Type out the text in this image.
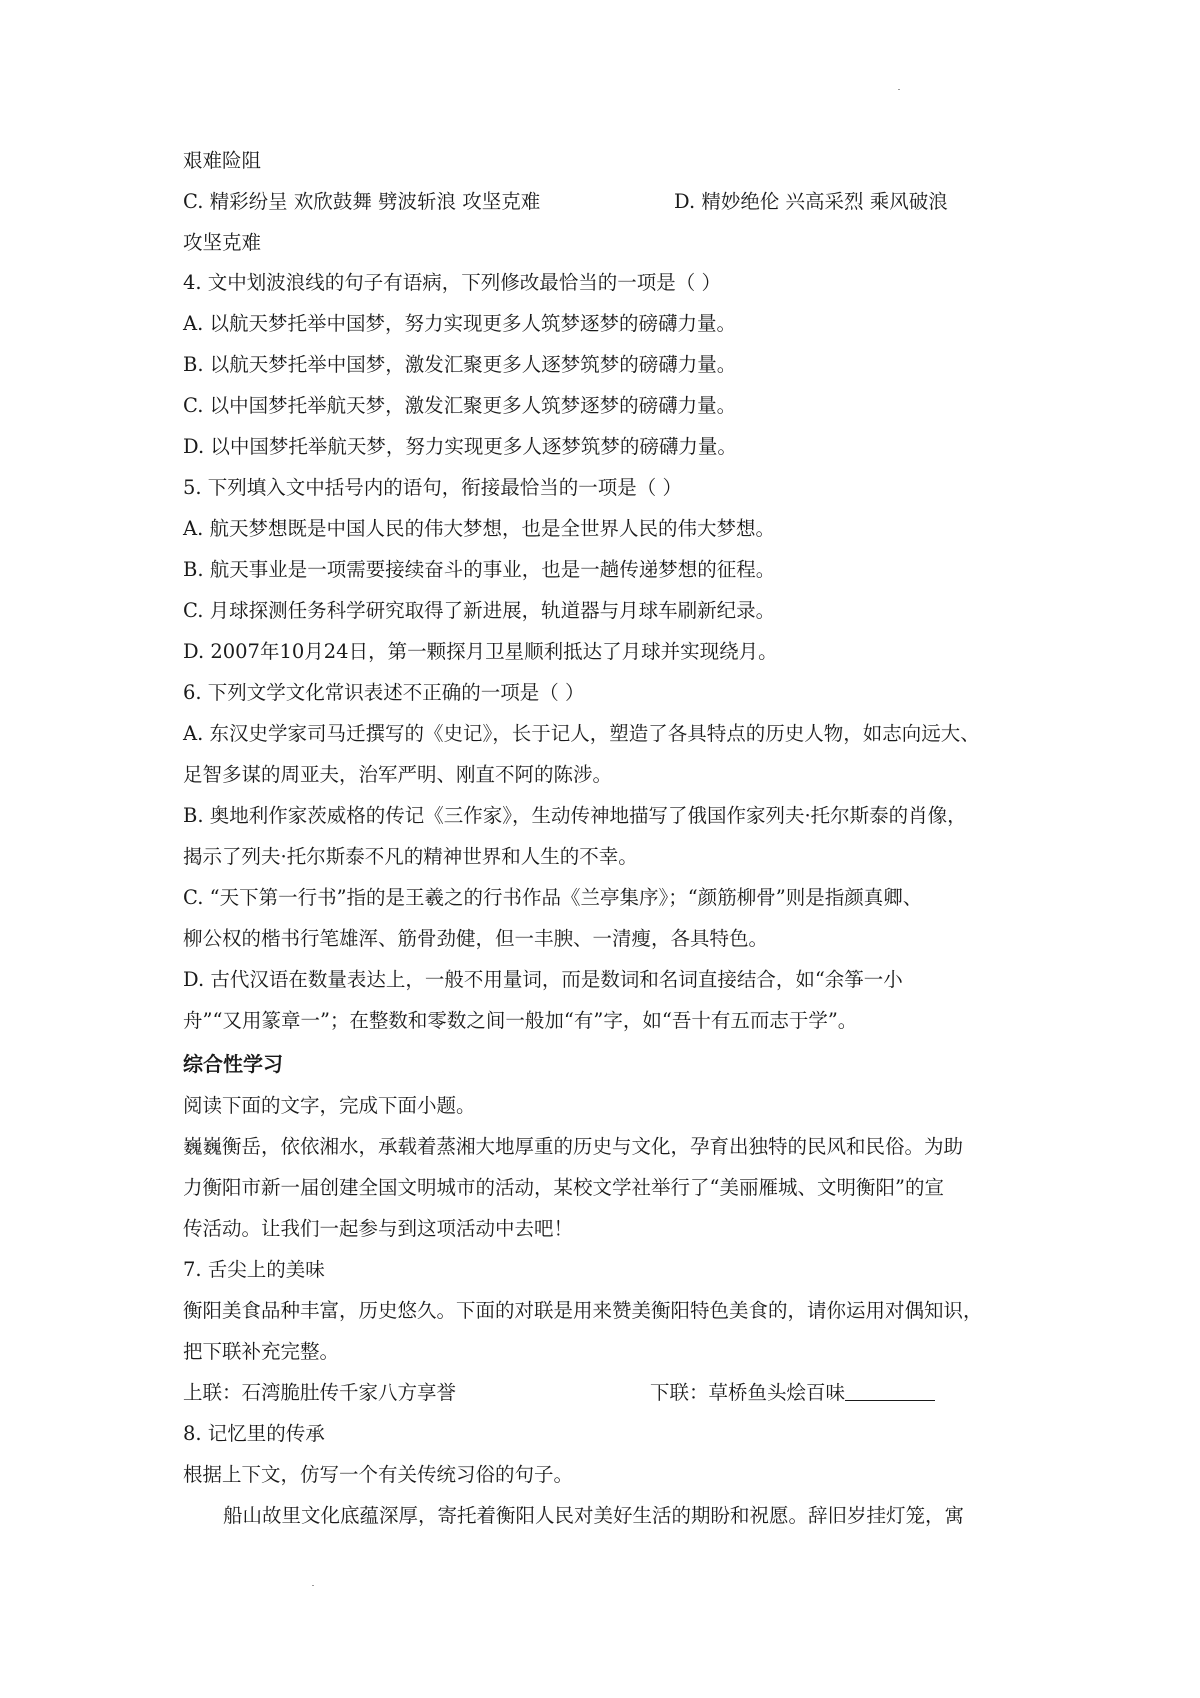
艰难险阻
C. 精彩纷呈 欢欣鼓舞 劈波斩浪 攻坚克难	D. 精妙绝伦 兴高采烈 乘风破浪
攻坚克难
4. 文中划波浪线的句子有语病，下列修改最恰当的一项是（ ）
A. 以航天梦托举中国梦，努力实现更多人筑梦逐梦的磅礴力量。
B. 以航天梦托举中国梦，激发汇聚更多人逐梦筑梦的磅礴力量。
C. 以中国梦托举航天梦，激发汇聚更多人筑梦逐梦的磅礴力量。
D. 以中国梦托举航天梦，努力实现更多人逐梦筑梦的磅礴力量。
5. 下列填入文中括号内的语句，衔接最恰当的一项是（ ）
A. 航天梦想既是中国人民的伟大梦想，也是全世界人民的伟大梦想。
B. 航天事业是一项需要接续奋斗的事业，也是一趟传递梦想的征程。
C. 月球探测任务科学研究取得了新进展，轨道器与月球车刷新纪录。
D. 2007年10月24日，第一颗探月卫星顺利抵达了月球并实现绕月。
6. 下列文学文化常识表述不正确的一项是（ ）
A. 东汉史学家司马迁撰写的《史记》，长于记人，塑造了各具特点的历史人物，如志向远大、
足智多谋的周亚夫，治军严明、刚直不阿的陈涉。
B. 奥地利作家茨威格的传记《三作家》，生动传神地描写了俄国作家列夫·托尔斯泰的肖像，
揭示了列夫·托尔斯泰不凡的精神世界和人生的不幸。
C. “天下第一行书”指的是王羲之的行书作品《兰亭集序》；“颜筋柳骨”则是指颜真卿、
柳公权的楷书行笔雄浑、筋骨劲健，但一丰腴、一清瘦，各具特色。
D. 古代汉语在数量表达上，一般不用量词，而是数词和名词直接结合，如“余筝一小
舟”“又用篆章一”；在整数和零数之间一般加“有”字，如“吾十有五而志于学”。
综合性学习
阅读下面的文字，完成下面小题。
巍巍衡岳，依依湘水，承载着蒸湘大地厚重的历史与文化，孕育出独特的民风和民俗。为助
力衡阳市新一届创建全国文明城市的活动，某校文学社举行了“美丽雁城、文明衡阳”的宣
传活动。让我们一起参与到这项活动中去吧！
7. 舌尖上的美味
衡阳美食品种丰富，历史悠久。下面的对联是用来赞美衡阳特色美食的，请你运用对偶知识，
把下联补充完整。
上联：石湾脆肚传千家八方享誉	下联：草桥鱼头烩百味
8. 记忆里的传承
根据上下文，仿写一个有关传统习俗的句子。
船山故里文化底蕴深厚，寄托着衡阳人民对美好生活的期盼和祝愿。辞旧岁挂灯笼，寓
